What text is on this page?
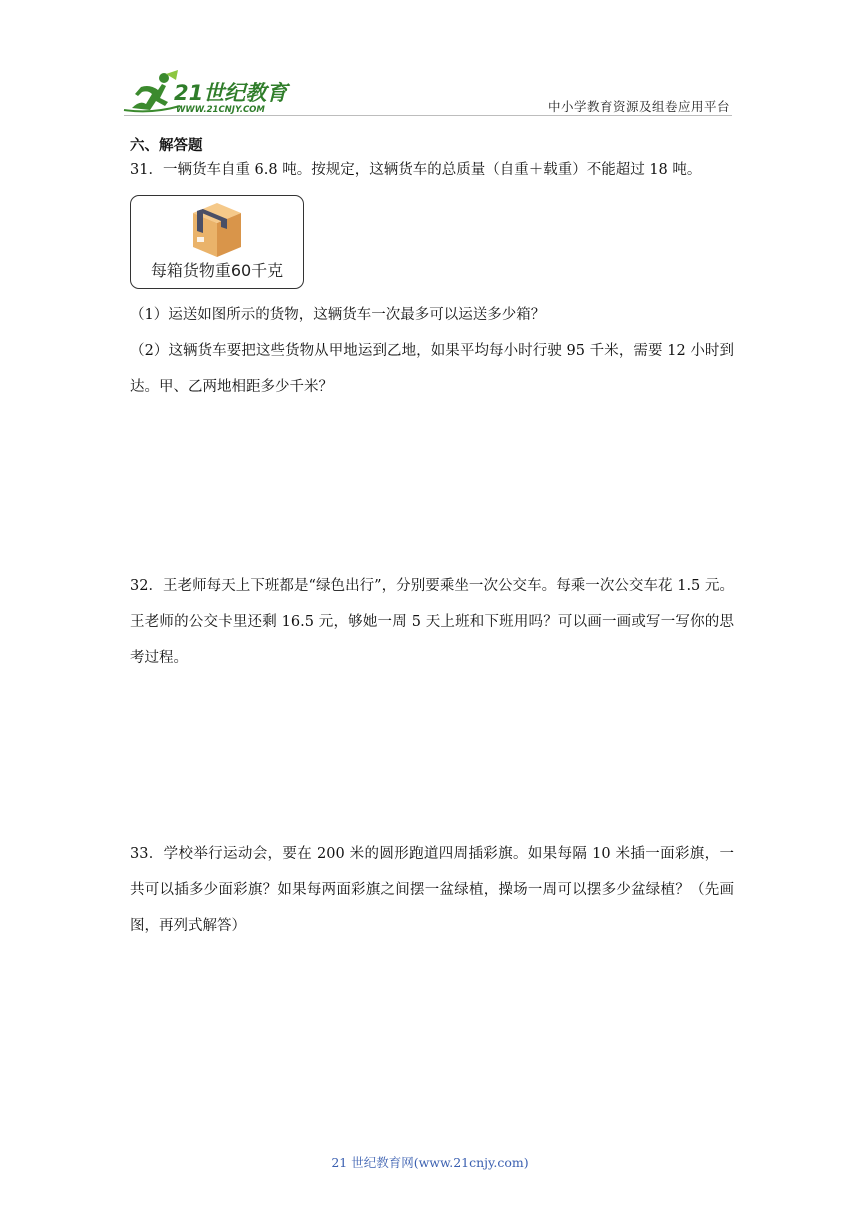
21世纪教育
WWW.21CNJY.COM	中小学教育资源及组卷应用平台
六、解答题
31．一辆货车自重 6.8 吨。按规定，这辆货车的总质量（自重＋载重）不能超过 18 吨。
每箱货物重60千克
（1）运送如图所示的货物，这辆货车一次最多可以运送多少箱？
（2）这辆货车要把这些货物从甲地运到乙地，如果平均每小时行驶 95 千米，需要 12 小时到达。甲、乙两地相距多少千米？
32．王老师每天上下班都是“绿色出行”，分别要乘坐一次公交车。每乘一次公交车花 1.5 元。王老师的公交卡里还剩 16.5 元，够她一周 5 天上班和下班用吗？可以画一画或写一写你的思考过程。
33．学校举行运动会，要在 200 米的圆形跑道四周插彩旗。如果每隔 10 米插一面彩旗，一共可以插多少面彩旗？如果每两面彩旗之间摆一盆绿植，操场一周可以摆多少盆绿植？（先画图，再列式解答）
21 世纪教育网(www.21cnjy.com)
